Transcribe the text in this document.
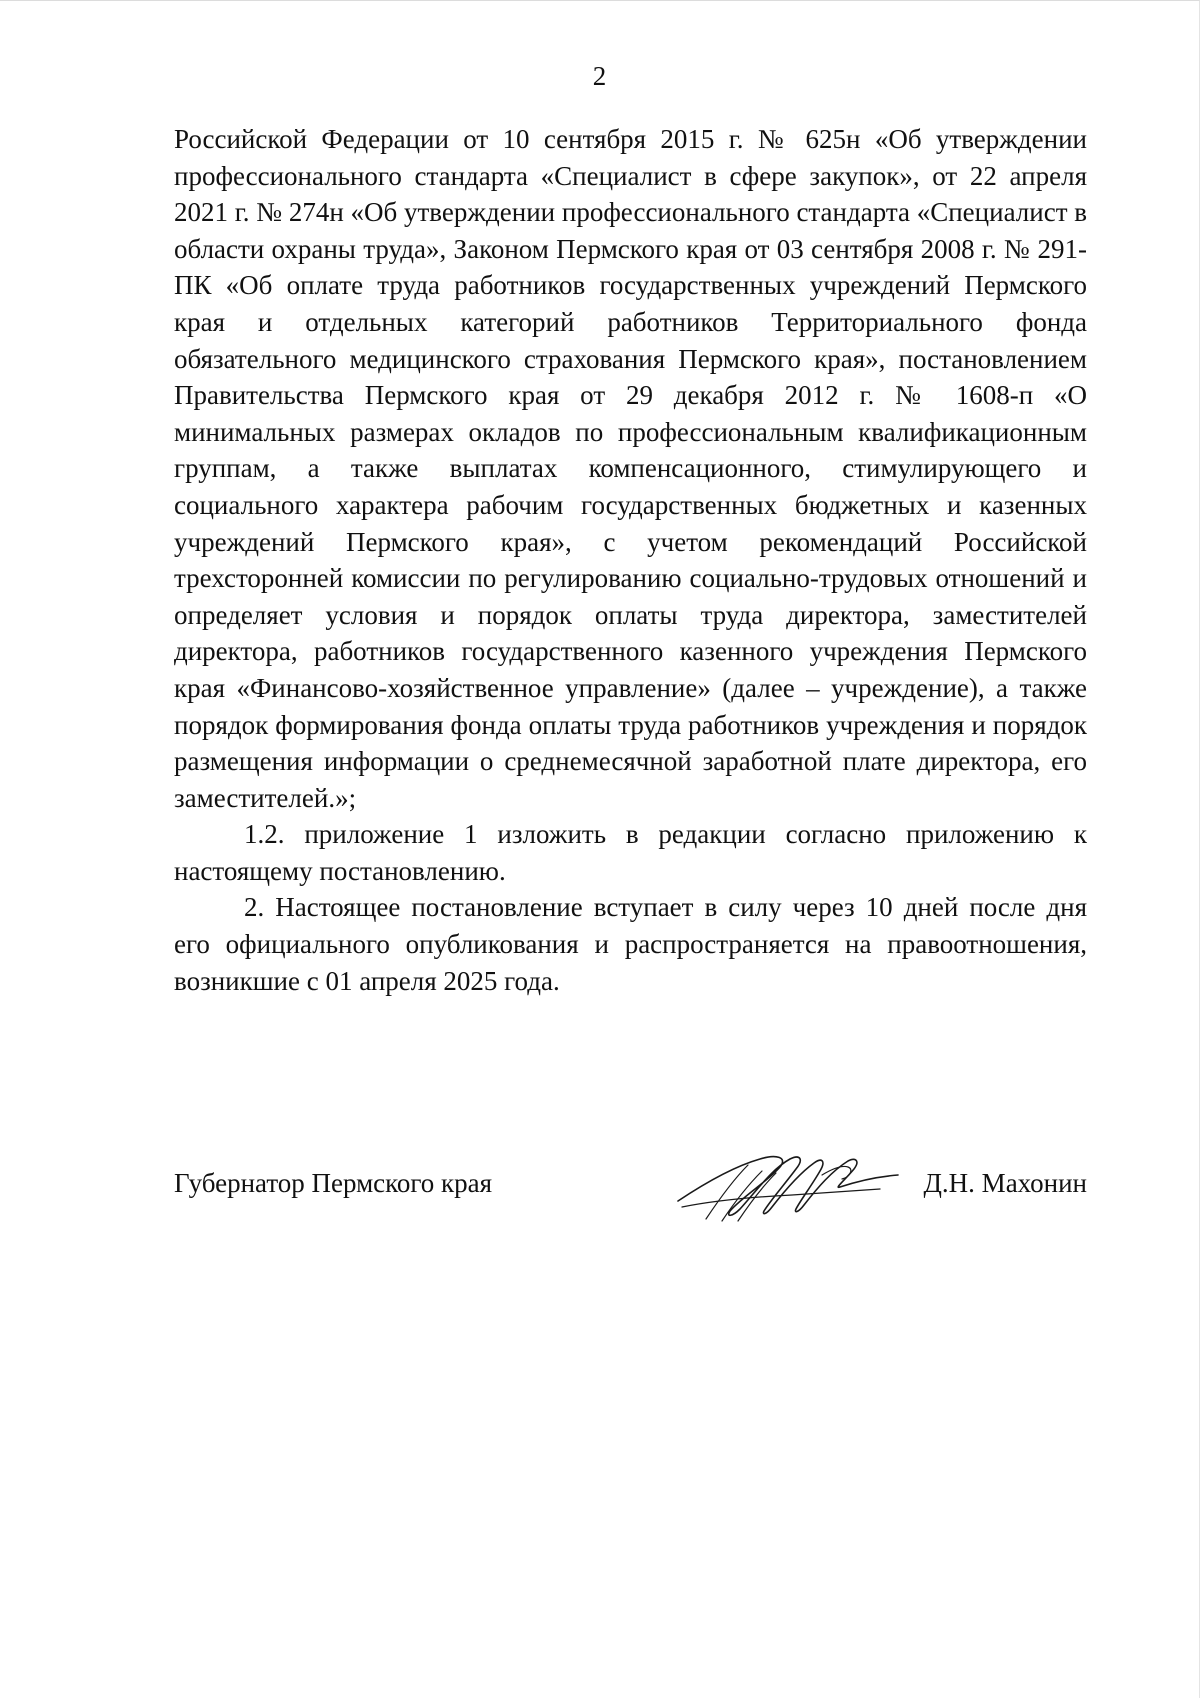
2

Российской Федерации от 10 сентября 2015 г. № 625н «Об утверждении профессионального стандарта «Специалист в сфере закупок», от 22 апреля 2021 г. № 274н «Об утверждении профессионального стандарта «Специалист в области охраны труда», Законом Пермского края от 03 сентября 2008 г. № 291-ПК «Об оплате труда работников государственных учреждений Пермского края и отдельных категорий работников Территориального фонда обязательного медицинского страхования Пермского края», постановлением Правительства Пермского края от 29 декабря 2012 г. № 1608-п «О минимальных размерах окладов по профессиональным квалификационным группам, а также выплатах компенсационного, стимулирующего и социального характера рабочим государственных бюджетных и казенных учреждений Пермского края», с учетом рекомендаций Российской трехсторонней комиссии по регулированию социально-трудовых отношений и определяет условия и порядок оплаты труда директора, заместителей директора, работников государственного казенного учреждения Пермского края «Финансово-хозяйственное управление» (далее – учреждение), а также порядок формирования фонда оплаты труда работников учреждения и порядок размещения информации о среднемесячной заработной плате директора, его заместителей.»;

1.2. приложение 1 изложить в редакции согласно приложению к настоящему постановлению.

2. Настоящее постановление вступает в силу через 10 дней после дня его официального опубликования и распространяется на правоотношения, возникшие с 01 апреля 2025 года.

Губернатор Пермского края	Д.Н. Махонин
